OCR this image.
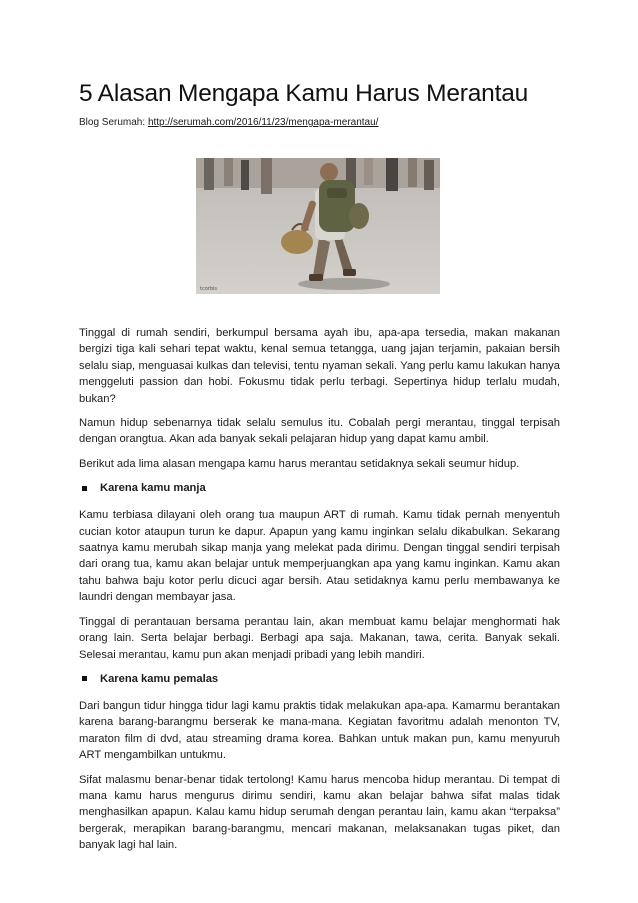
5 Alasan Mengapa Kamu Harus Merantau
Blog Serumah: http://serumah.com/2016/11/23/mengapa-merantau/
tcorbis

Tinggal di rumah sendiri, berkumpul bersama ayah ibu, apa-apa tersedia, makan makanan bergizi tiga kali sehari tepat waktu, kenal semua tetangga, uang jajan terjamin, pakaian bersih selalu siap, menguasai kulkas dan televisi, tentu nyaman sekali. Yang perlu kamu lakukan hanya menggeluti passion dan hobi. Fokusmu tidak perlu terbagi. Sepertinya hidup terlalu mudah, bukan?

Namun hidup sebenarnya tidak selalu semulus itu. Cobalah pergi merantau, tinggal terpisah dengan orangtua. Akan ada banyak sekali pelajaran hidup yang dapat kamu ambil.

Berikut ada lima alasan mengapa kamu harus merantau setidaknya sekali seumur hidup.

Karena kamu manja

Kamu terbiasa dilayani oleh orang tua maupun ART di rumah. Kamu tidak pernah menyentuh cucian kotor ataupun turun ke dapur. Apapun yang kamu inginkan selalu dikabulkan. Sekarang saatnya kamu merubah sikap manja yang melekat pada dirimu. Dengan tinggal sendiri terpisah dari orang tua, kamu akan belajar untuk memperjuangkan apa yang kamu inginkan. Kamu akan tahu bahwa baju kotor perlu dicuci agar bersih. Atau setidaknya kamu perlu membawanya ke laundri dengan membayar jasa.

Tinggal di perantauan bersama perantau lain, akan membuat kamu belajar menghormati hak orang lain. Serta belajar berbagi. Berbagi apa saja. Makanan, tawa, cerita. Banyak sekali. Selesai merantau, kamu pun akan menjadi pribadi yang lebih mandiri.

Karena kamu pemalas

Dari bangun tidur hingga tidur lagi kamu praktis tidak melakukan apa-apa. Kamarmu berantakan karena barang-barangmu berserak ke mana-mana. Kegiatan favoritmu adalah menonton TV, maraton film di dvd, atau streaming drama korea. Bahkan untuk makan pun, kamu menyuruh ART mengambilkan untukmu.

Sifat malasmu benar-benar tidak tertolong! Kamu harus mencoba hidup merantau. Di tempat di mana kamu harus mengurus dirimu sendiri, kamu akan belajar bahwa sifat malas tidak menghasilkan apapun. Kalau kamu hidup serumah dengan perantau lain, kamu akan “terpaksa” bergerak, merapikan barang-barangmu, mencari makanan, melaksanakan tugas piket, dan banyak lagi hal lain.
